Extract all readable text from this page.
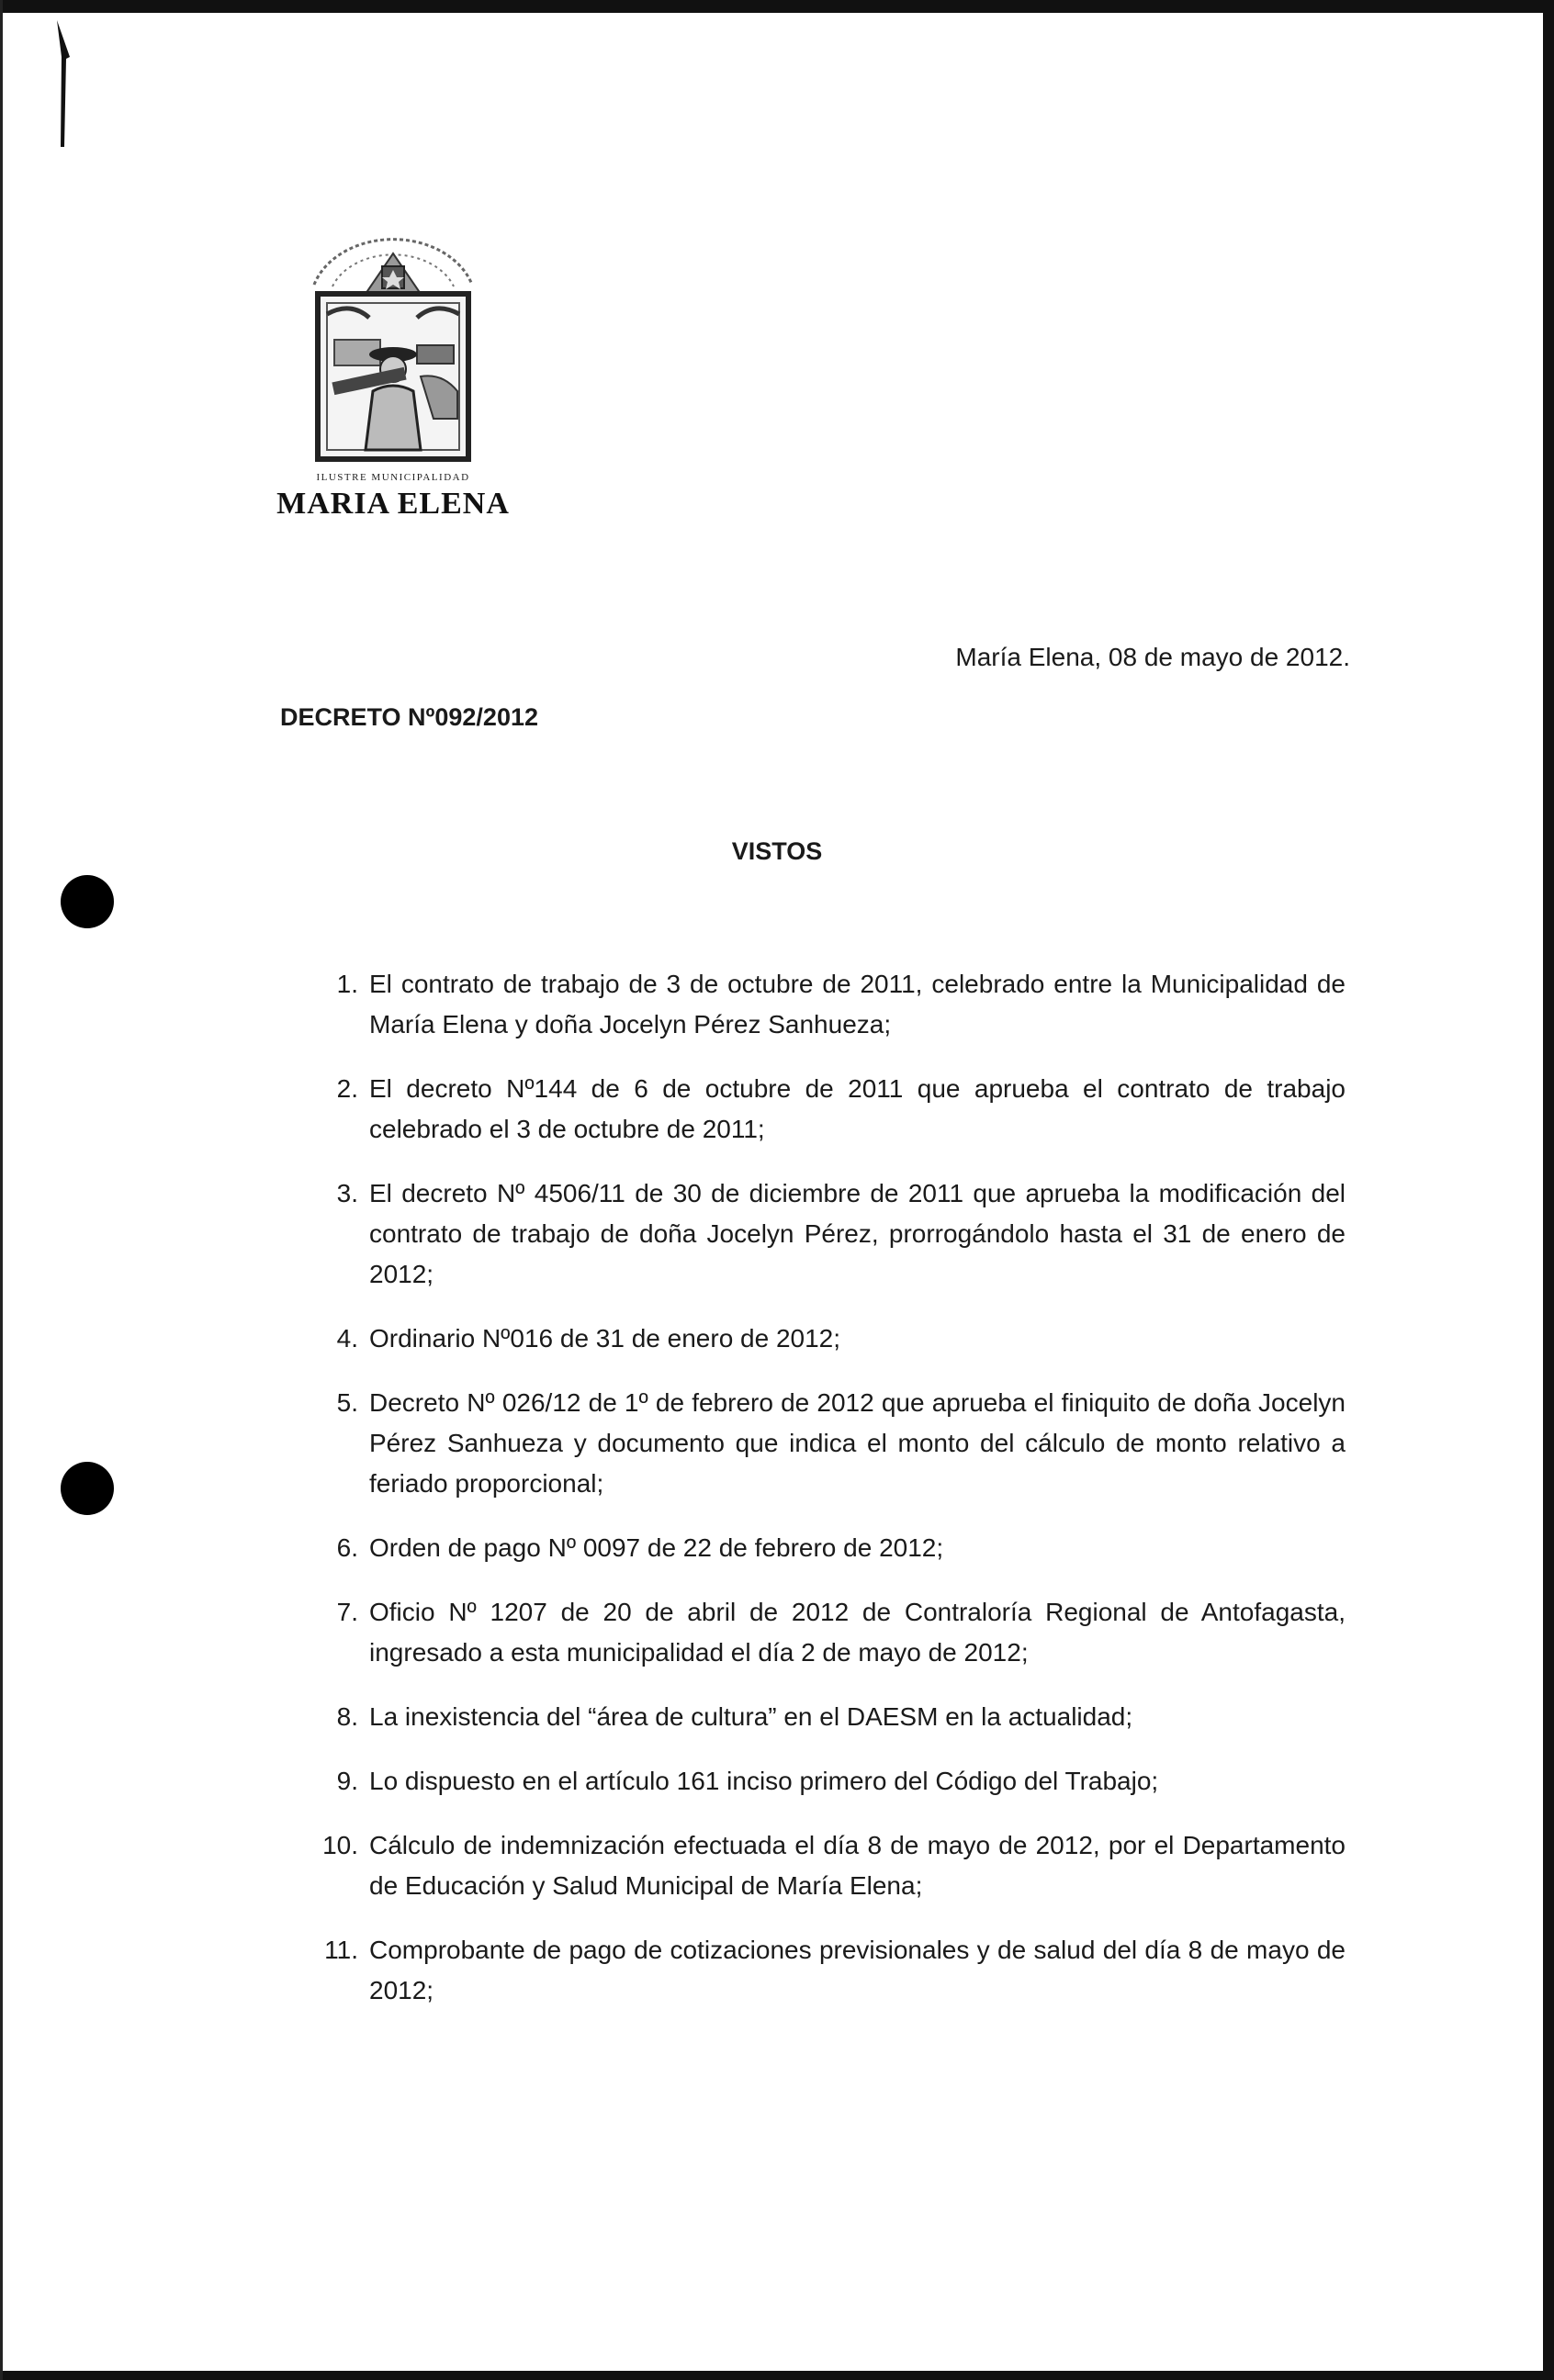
ILUSTRE MUNICIPALIDAD
MARIA ELENA
María Elena, 08 de mayo de 2012.
DECRETO Nº092/2012
VISTOS
1. El contrato de trabajo de 3 de octubre de 2011, celebrado entre la Municipalidad de María Elena y doña Jocelyn Pérez Sanhueza;
2. El decreto Nº144 de 6 de octubre de 2011 que aprueba el contrato de trabajo celebrado el 3 de octubre de 2011;
3. El decreto Nº 4506/11 de 30 de diciembre de 2011 que aprueba la modificación del contrato de trabajo de doña Jocelyn Pérez, prorrogándolo hasta el 31 de enero de 2012;
4. Ordinario Nº016 de 31 de enero de 2012;
5. Decreto Nº 026/12 de 1º de febrero de 2012 que aprueba el finiquito de doña Jocelyn Pérez Sanhueza y documento que indica el monto del cálculo de monto relativo a feriado proporcional;
6. Orden de pago Nº 0097 de 22 de febrero de 2012;
7. Oficio Nº 1207 de 20 de abril de 2012 de Contraloría Regional de Antofagasta, ingresado a esta municipalidad el día 2 de mayo de 2012;
8. La inexistencia del “área de cultura” en el DAESM en la actualidad;
9. Lo dispuesto en el artículo 161 inciso primero del Código del Trabajo;
10. Cálculo de indemnización efectuada el día 8 de mayo de 2012, por el Departamento de Educación y Salud Municipal de María Elena;
11. Comprobante de pago de cotizaciones previsionales y de salud del día 8 de mayo de 2012;
